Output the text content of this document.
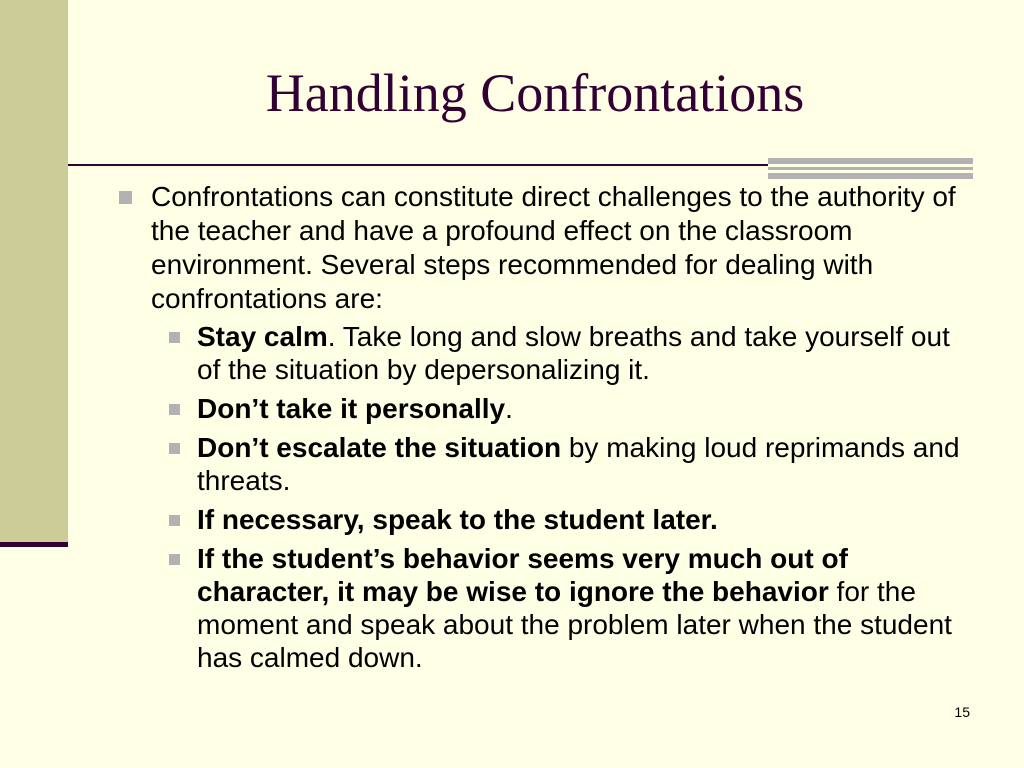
Handling Confrontations
Confrontations can constitute direct challenges to the authority of the teacher and have a profound effect on the classroom environment. Several steps recommended for dealing with confrontations are:
Stay calm. Take long and slow breaths and take yourself out of the situation by depersonalizing it.
Don’t take it personally.
Don’t escalate the situation by making loud reprimands and threats.
If necessary, speak to the student later.
If the student’s behavior seems very much out of character, it may be wise to ignore the behavior for the moment and speak about the problem later when the student has calmed down.
15
